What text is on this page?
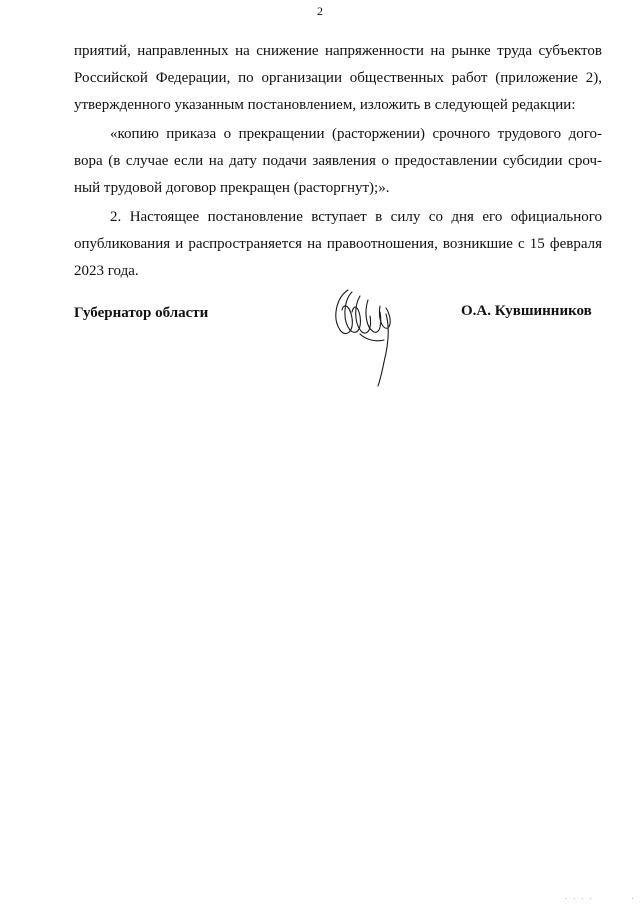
2

приятий, направленных на снижение напряженности на рынке труда субъектов
Российской Федерации, по организации общественных работ (приложение 2),
утвержденного указанным постановлением, изложить в следующей редакции:

«копию приказа о прекращении (расторжении) срочного трудового дого-
вора (в случае если на дату подачи заявления о предоставлении субсидии сроч-
ный трудовой договор прекращен (расторгнут);».

2. Настоящее постановление вступает в силу со дня его официального
опубликования и распространяется на правоотношения, возникшие с 15 февраля
2023 года.

Губернатор области	О.А. Кувшинников
· · · ·          ·
